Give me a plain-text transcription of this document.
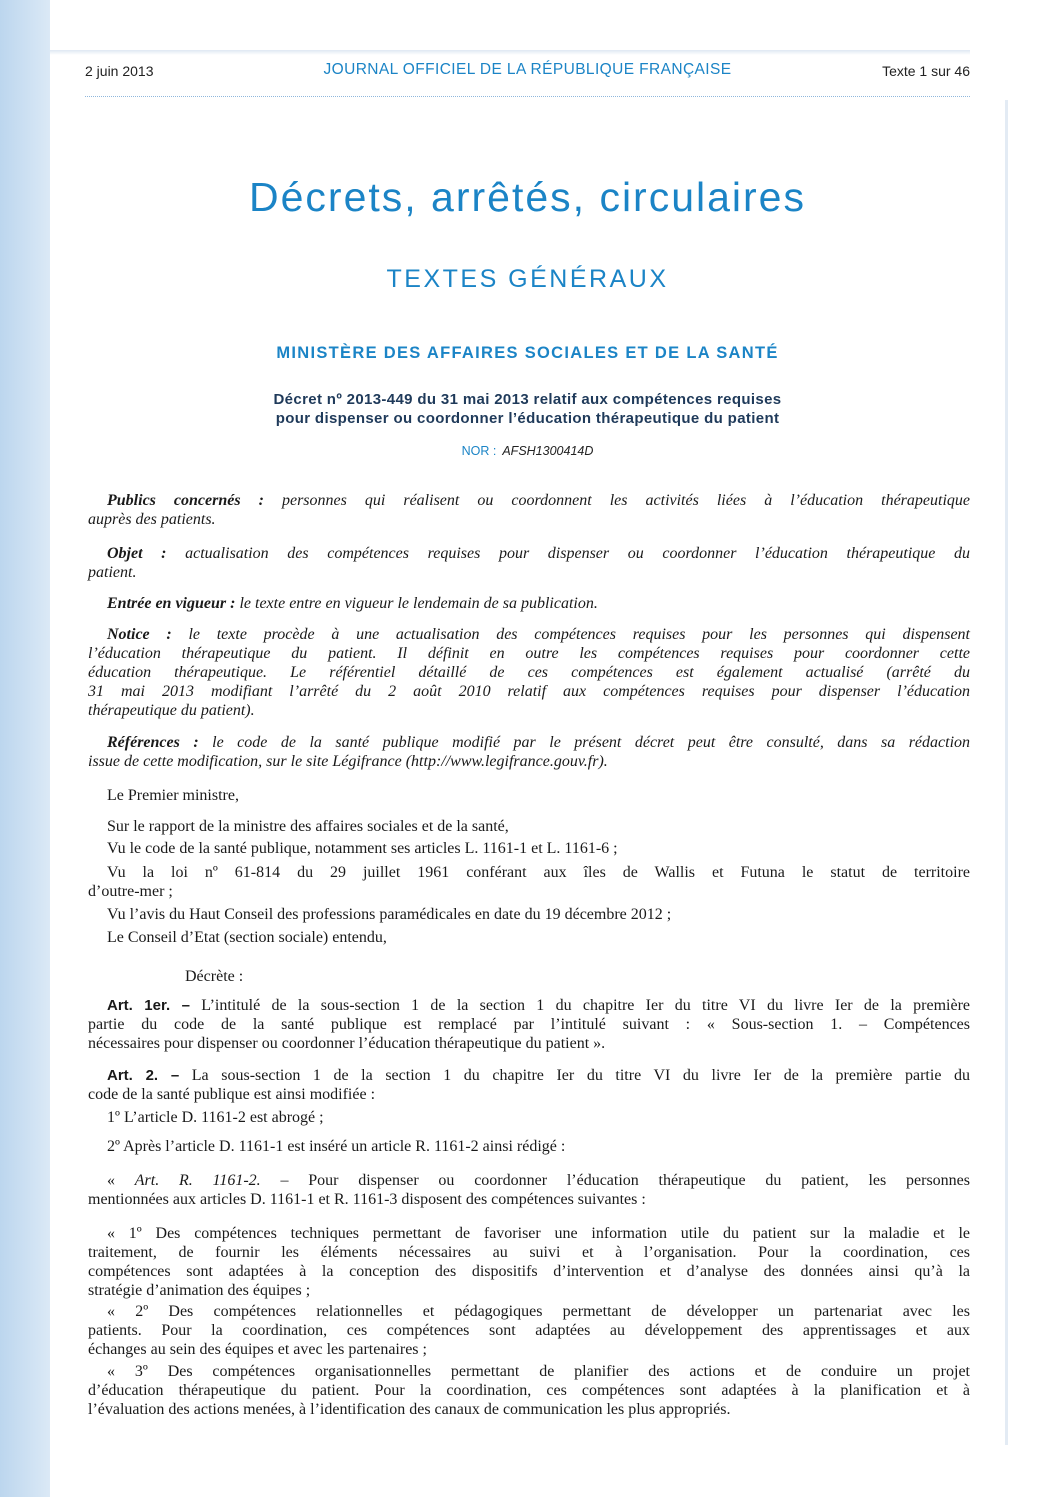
2 juin 2013	JOURNAL OFFICIEL DE LA RÉPUBLIQUE FRANÇAISE	Texte 1 sur 46
Décrets, arrêtés, circulaires
TEXTES GÉNÉRAUX
MINISTÈRE DES AFFAIRES SOCIALES ET DE LA SANTÉ
Décret nº 2013-449 du 31 mai 2013 relatif aux compétences requises
pour dispenser ou coordonner l’éducation thérapeutique du patient
NOR : AFSH1300414D
Publics concernés : personnes qui réalisent ou coordonnent les activités liées à l’éducation thérapeutique
auprès des patients.
Objet : actualisation des compétences requises pour dispenser ou coordonner l’éducation thérapeutique du
patient.
Entrée en vigueur : le texte entre en vigueur le lendemain de sa publication.
Notice : le texte procède à une actualisation des compétences requises pour les personnes qui dispensent
l’éducation thérapeutique du patient. Il définit en outre les compétences requises pour coordonner cette
éducation thérapeutique. Le référentiel détaillé de ces compétences est également actualisé (arrêté du
31 mai 2013 modifiant l’arrêté du 2 août 2010 relatif aux compétences requises pour dispenser l’éducation
thérapeutique du patient).
Références : le code de la santé publique modifié par le présent décret peut être consulté, dans sa rédaction
issue de cette modification, sur le site Légifrance (http://www.legifrance.gouv.fr).
Le Premier ministre,
Sur le rapport de la ministre des affaires sociales et de la santé,
Vu le code de la santé publique, notamment ses articles L. 1161-1 et L. 1161-6 ;
Vu la loi nº 61-814 du 29 juillet 1961 conférant aux îles de Wallis et Futuna le statut de territoire
d’outre-mer ;
Vu l’avis du Haut Conseil des professions paramédicales en date du 19 décembre 2012 ;
Le Conseil d’Etat (section sociale) entendu,
Décrète :
Art. 1er. – L’intitulé de la sous-section 1 de la section 1 du chapitre Ier du titre VI du livre Ier de la première
partie du code de la santé publique est remplacé par l’intitulé suivant : « Sous-section 1. – Compétences
nécessaires pour dispenser ou coordonner l’éducation thérapeutique du patient ».
Art. 2. – La sous-section 1 de la section 1 du chapitre Ier du titre VI du livre Ier de la première partie du
code de la santé publique est ainsi modifiée :
1º L’article D. 1161-2 est abrogé ;
2º Après l’article D. 1161-1 est inséré un article R. 1161-2 ainsi rédigé :
« Art. R. 1161-2. – Pour dispenser ou coordonner l’éducation thérapeutique du patient, les personnes
mentionnées aux articles D. 1161-1 et R. 1161-3 disposent des compétences suivantes :
« 1º Des compétences techniques permettant de favoriser une information utile du patient sur la maladie et le
traitement, de fournir les éléments nécessaires au suivi et à l’organisation. Pour la coordination, ces
compétences sont adaptées à la conception des dispositifs d’intervention et d’analyse des données ainsi qu’à la
stratégie d’animation des équipes ;
« 2º Des compétences relationnelles et pédagogiques permettant de développer un partenariat avec les
patients. Pour la coordination, ces compétences sont adaptées au développement des apprentissages et aux
échanges au sein des équipes et avec les partenaires ;
« 3º Des compétences organisationnelles permettant de planifier des actions et de conduire un projet
d’éducation thérapeutique du patient. Pour la coordination, ces compétences sont adaptées à la planification et à
l’évaluation des actions menées, à l’identification des canaux de communication les plus appropriés.
